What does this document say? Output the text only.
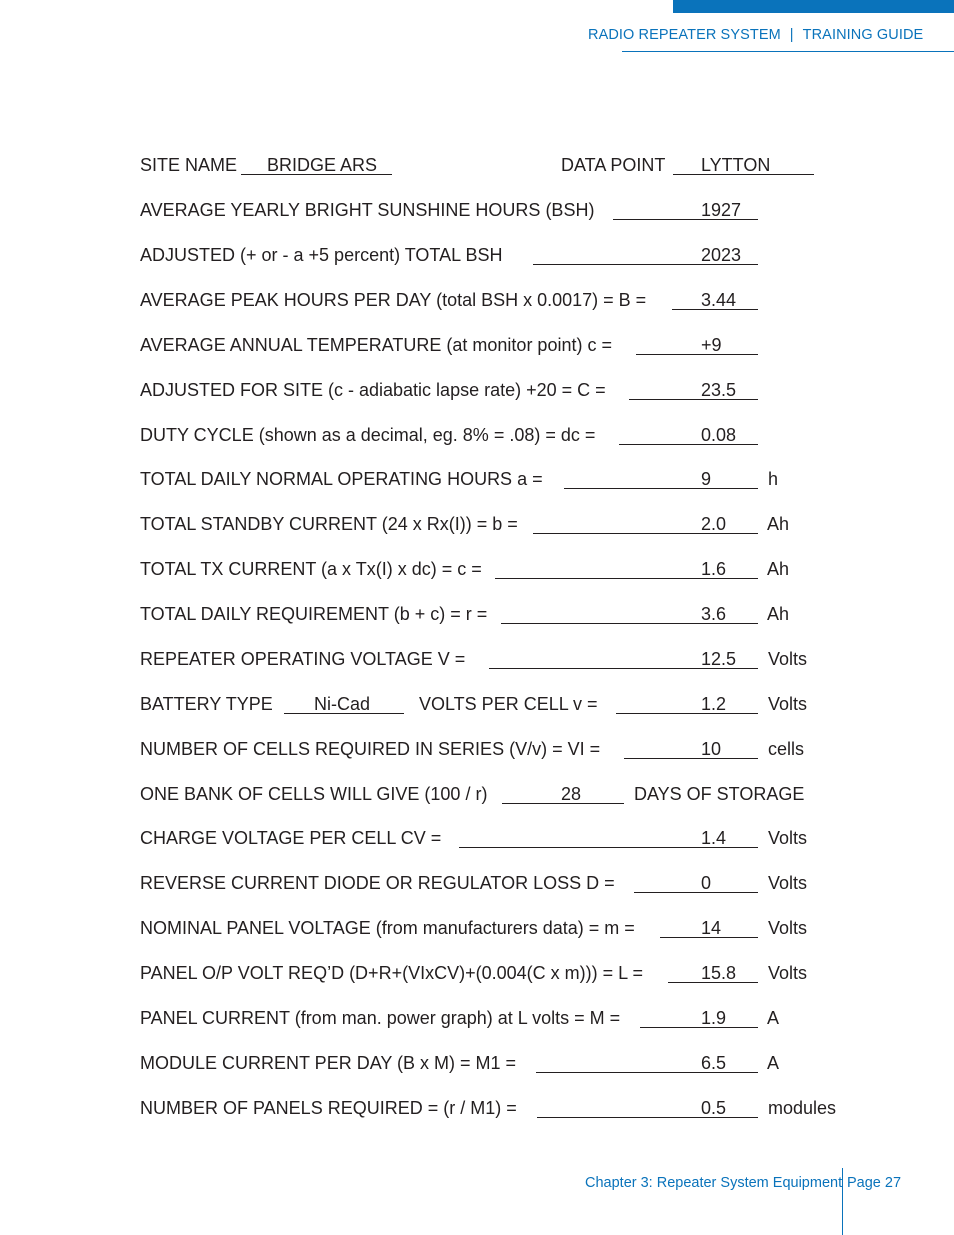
RADIO REPEATER SYSTEM | TRAINING GUIDE
SITE NAME BRIDGE ARS	DATA POINT LYTTON
AVERAGE YEARLY BRIGHT SUNSHINE HOURS (BSH)	1927
ADJUSTED (+ or - a +5 percent) TOTAL BSH	2023
AVERAGE PEAK HOURS PER DAY (total BSH x 0.0017) = B =	3.44
AVERAGE ANNUAL TEMPERATURE (at monitor point) c =	+9
ADJUSTED FOR SITE (c - adiabatic lapse rate) +20 = C =	23.5
DUTY CYCLE (shown as a decimal, eg. 8% = .08) = dc =	0.08
TOTAL DAILY NORMAL OPERATING HOURS a =	9	h
TOTAL STANDBY CURRENT (24 x Rx(I)) = b =	2.0 Ah
TOTAL TX CURRENT (a x Tx(I) x dc) = c =	1.6 Ah
TOTAL DAILY REQUIREMENT (b + c) = r =	3.6 Ah
REPEATER OPERATING VOLTAGE V =	12.5 Volts
BATTERY TYPE Ni-Cad	VOLTS PER CELL v =	1.2 Volts
NUMBER OF CELLS REQUIRED IN SERIES (V/v) = VI =	10	cells
ONE BANK OF CELLS WILL GIVE (100 / r)	28	DAYS OF STORAGE
CHARGE VOLTAGE PER CELL CV =	1.4 Volts
REVERSE CURRENT DIODE OR REGULATOR LOSS D =	0	Volts
NOMINAL PANEL VOLTAGE (from manufacturers data) = m =	14	Volts
PANEL O/P VOLT REQ’D (D+R+(VIxCV)+(0.004(C x m))) = L =	15.8 Volts
PANEL CURRENT (from man. power graph) at L volts = M =	1.9 A
MODULE CURRENT PER DAY (B x M) = M1 =	6.5 A
NUMBER OF PANELS REQUIRED = (r / M1) =	0.5 modules
Chapter 3: Repeater System Equipment Page 27
